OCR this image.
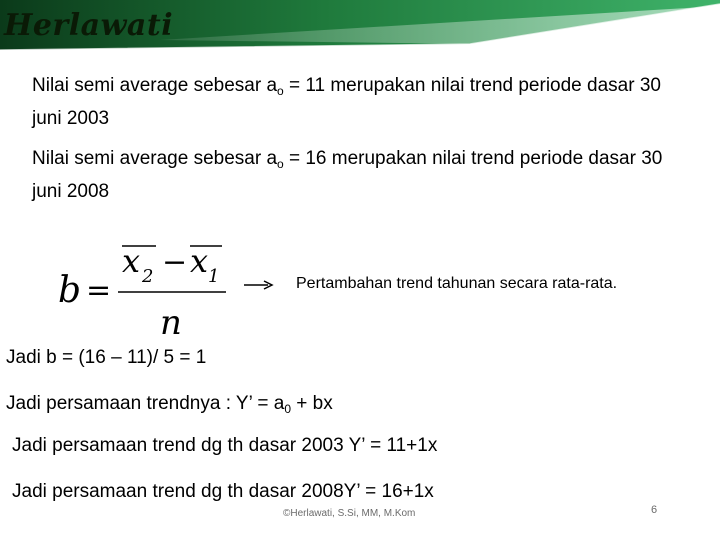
Herlawati
Nilai semi average sebesar $a_o = 11$ merupakan nilai trend periode dasar 30 juni 2003
Nilai semi average sebesar $a_o = 16$ merupakan nilai trend periode dasar 30 juni 2008
b =
x 2 − x 1
n
Pertambahan trend tahunan secara rata-rata.
Jadi b = (16 – 11)/ 5 = 1
Jadi persamaan trendnya : Y’ = $a_0$ + bx
Jadi persamaan trend dg th dasar 2003 Y’ = 11+1x
Jadi persamaan trend dg th dasar 2008Y’ = 16+1x
©Herlawati, S.Si, MM, M.Kom	6
